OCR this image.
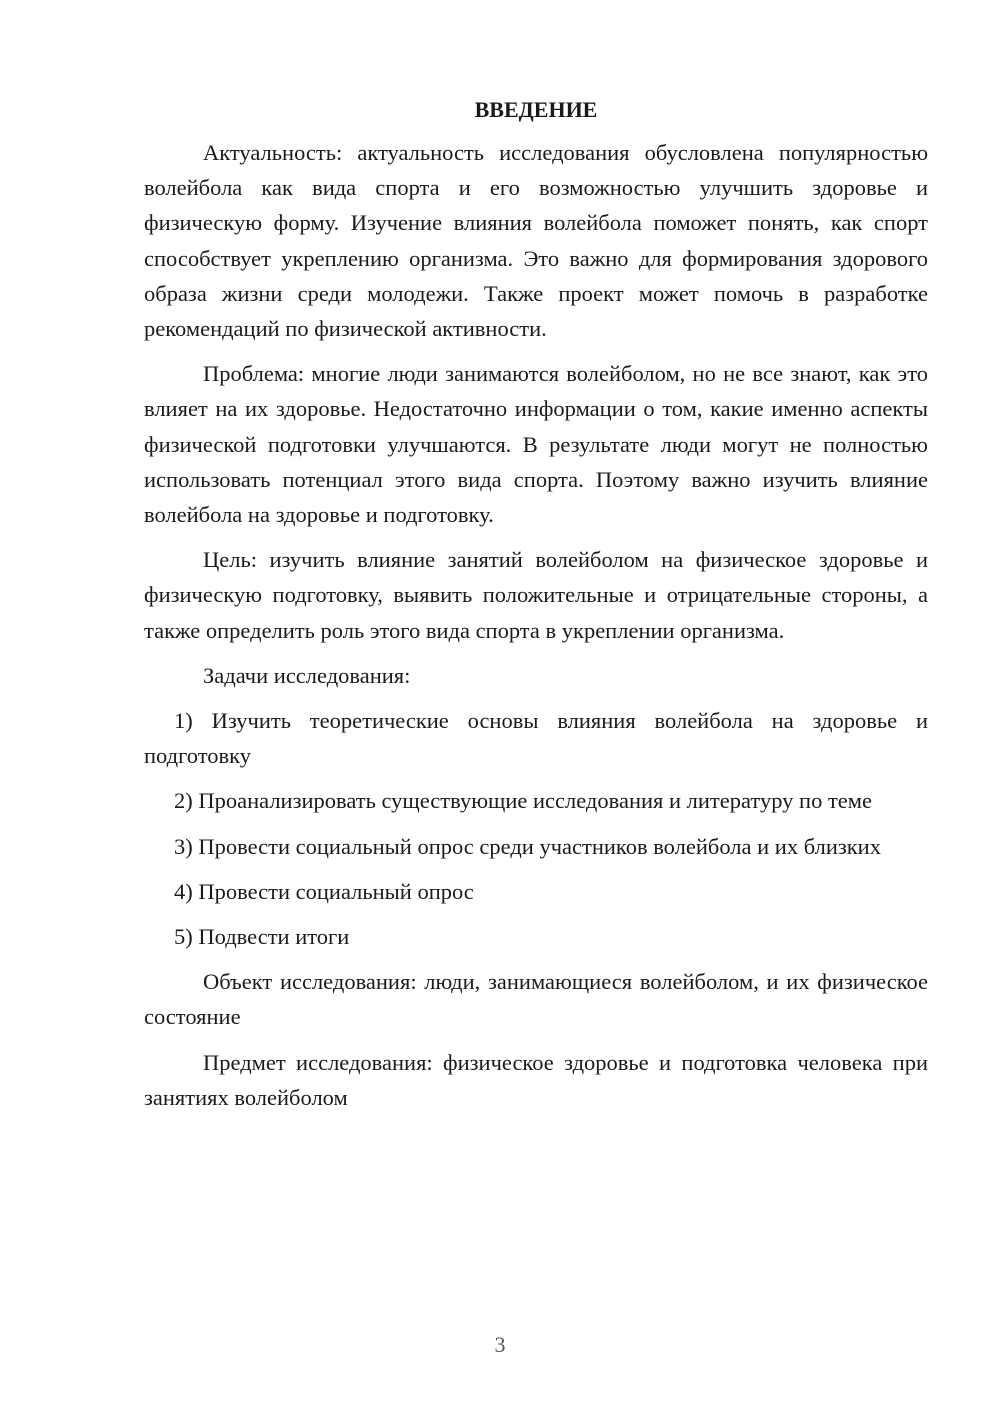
ВВЕДЕНИЕ

Актуальность: актуальность исследования обусловлена популярностью волейбола как вида спорта и его возможностью улучшить здоровье и физическую форму. Изучение влияния волейбола поможет понять, как спорт способствует укреплению организма. Это важно для формирования здорового образа жизни среди молодежи. Также проект может помочь в разработке рекомендаций по физической активности.

Проблема: многие люди занимаются волейболом, но не все знают, как это влияет на их здоровье. Недостаточно информации о том, какие именно аспекты физической подготовки улучшаются. В результате люди могут не полностью использовать потенциал этого вида спорта. Поэтому важно изучить влияние волейбола на здоровье и подготовку.

Цель: изучить влияние занятий волейболом на физическое здоровье и физическую подготовку, выявить положительные и отрицательные стороны, а также определить роль этого вида спорта в укреплении организма.

Задачи исследования:

1) Изучить теоретические основы влияния волейбола на здоровье и подготовку

2) Проанализировать существующие исследования и литературу по теме

3) Провести социальный опрос среди участников волейбола и их близких

4) Провести социальный опрос

5) Подвести итоги

Объект исследования: люди, занимающиеся волейболом, и их физическое состояние

Предмет исследования: физическое здоровье и подготовка человека при занятиях волейболом

3
